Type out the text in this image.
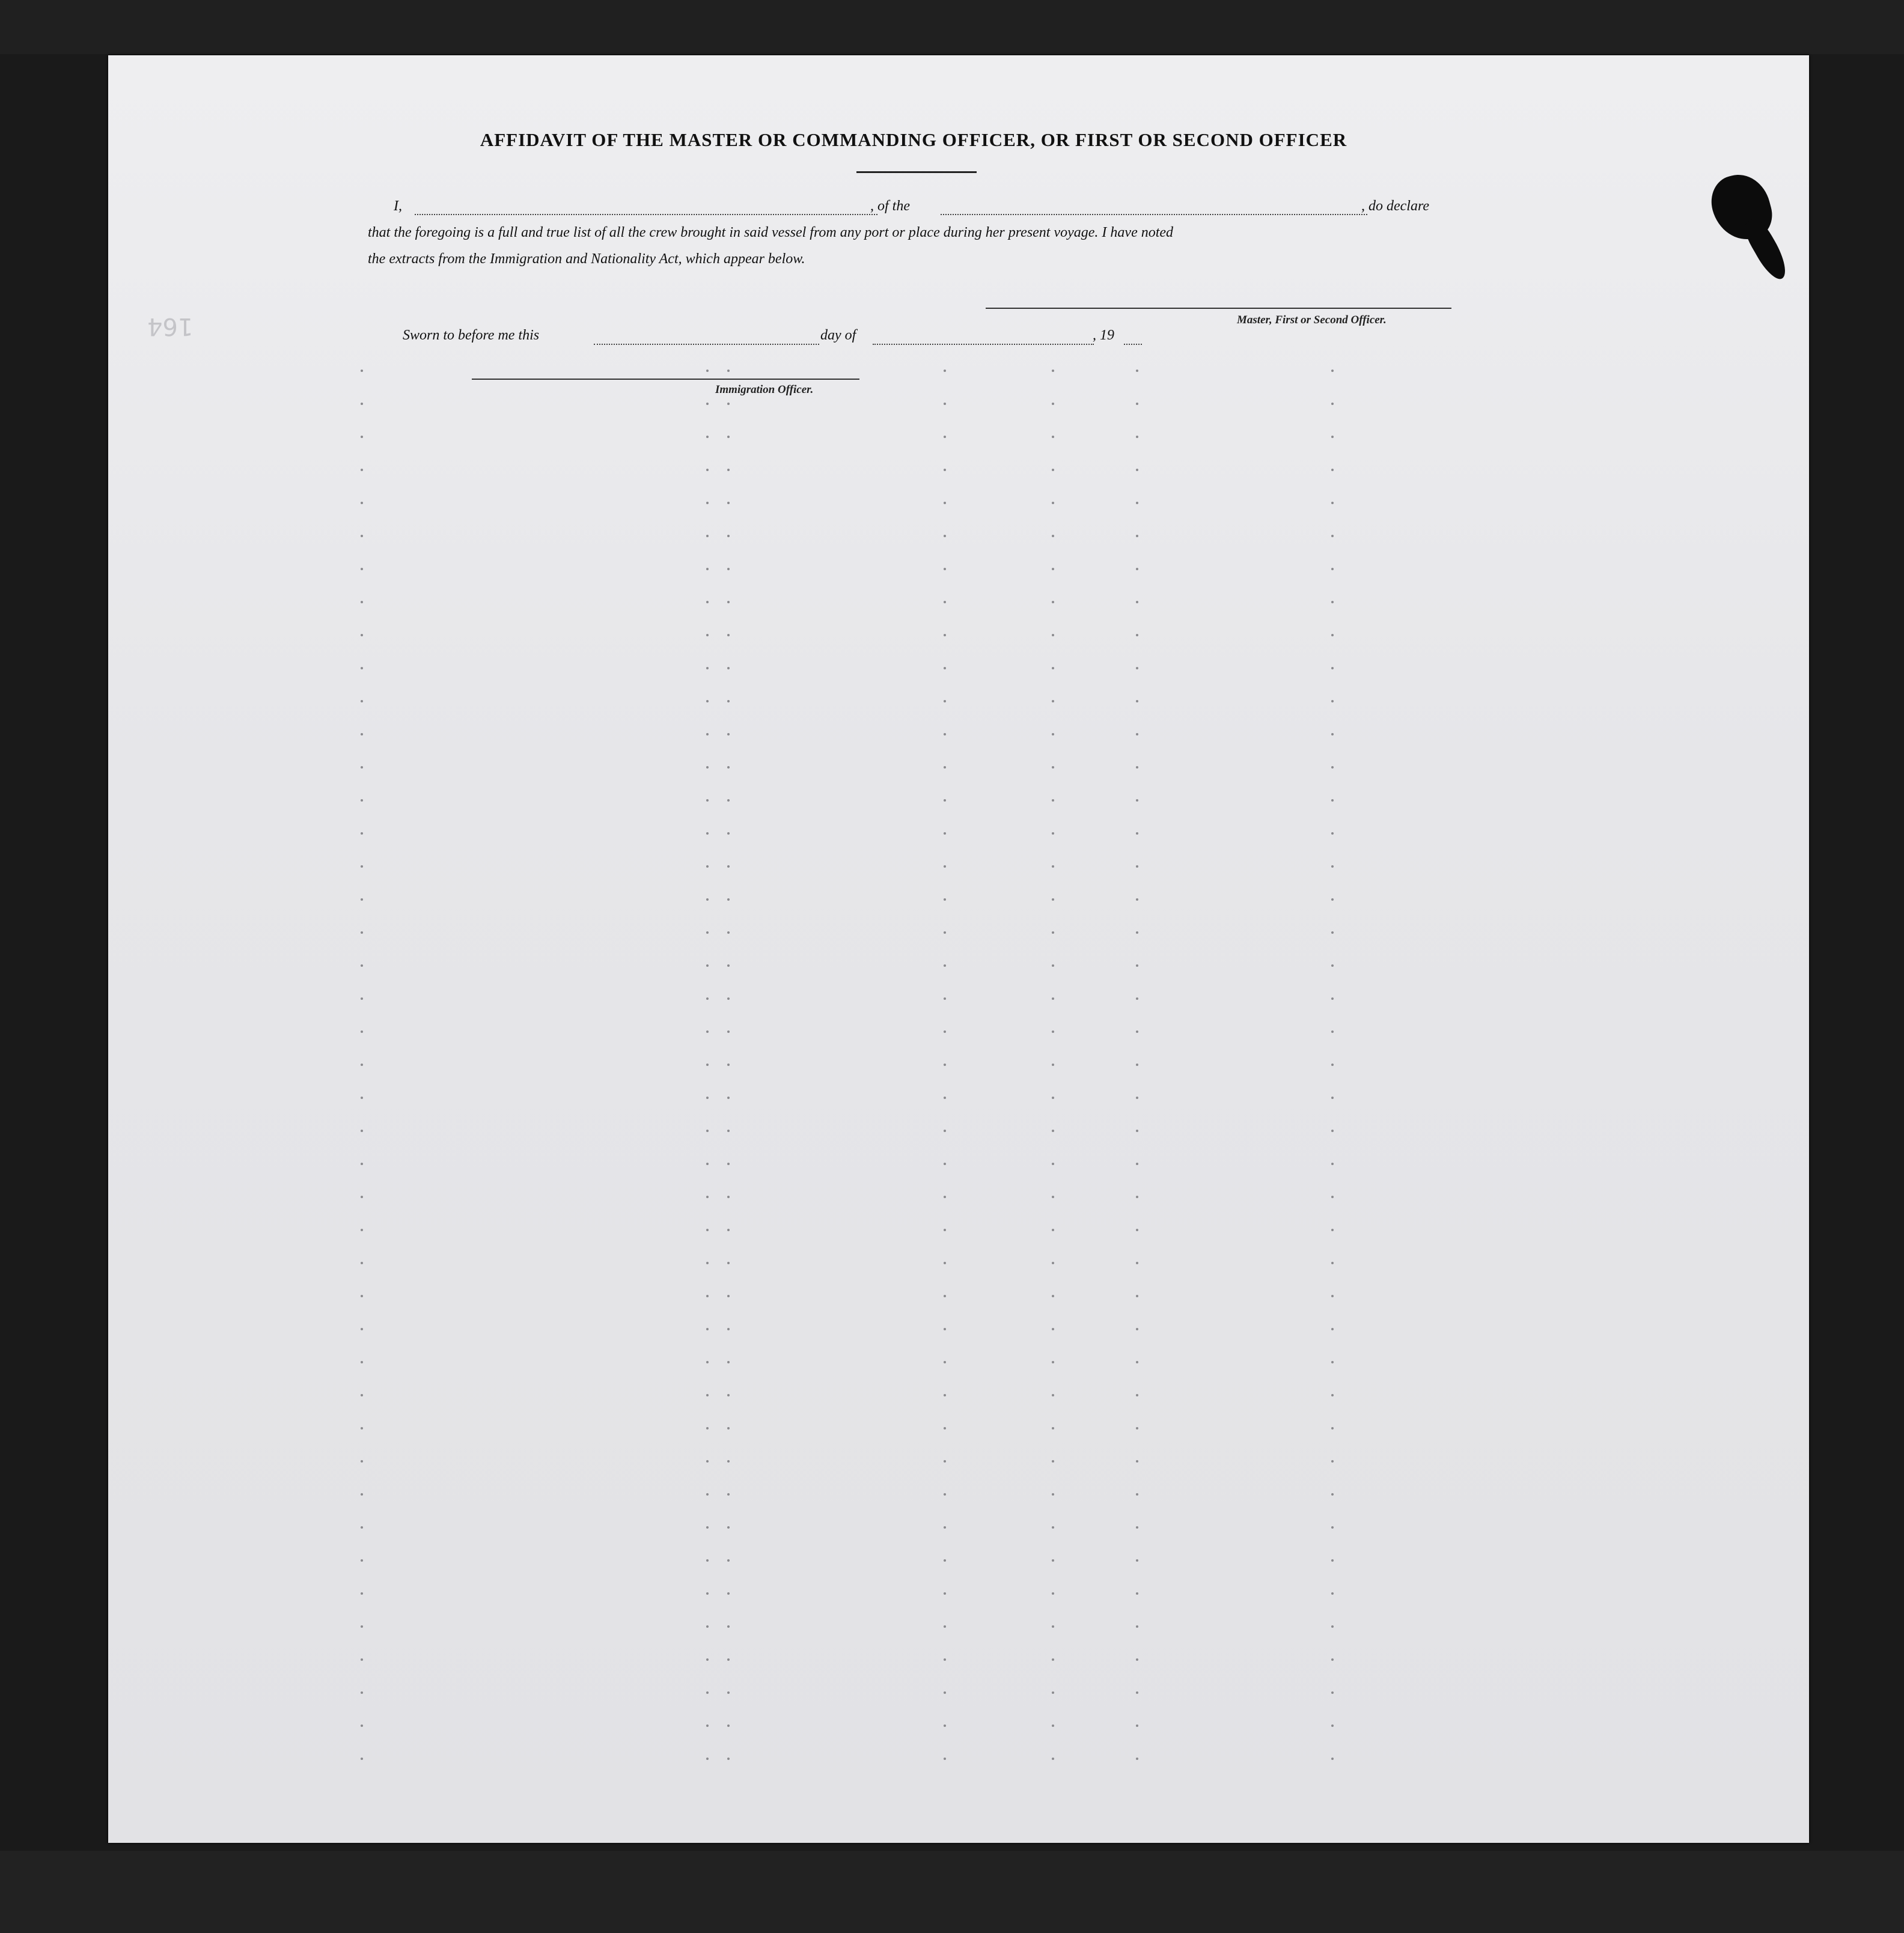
AFFIDAVIT OF THE MASTER OR COMMANDING OFFICER, OR FIRST OR SECOND OFFICER
I,	, of the	, do declare
that the foregoing is a full and true list of all the crew brought in said vessel from any port or place during her present voyage. I have noted
the extracts from the Immigration and Nationality Act, which appear below.
Master, First or Second Officer.
Sworn to before me this	day of	, 19
Immigration Officer.
164
